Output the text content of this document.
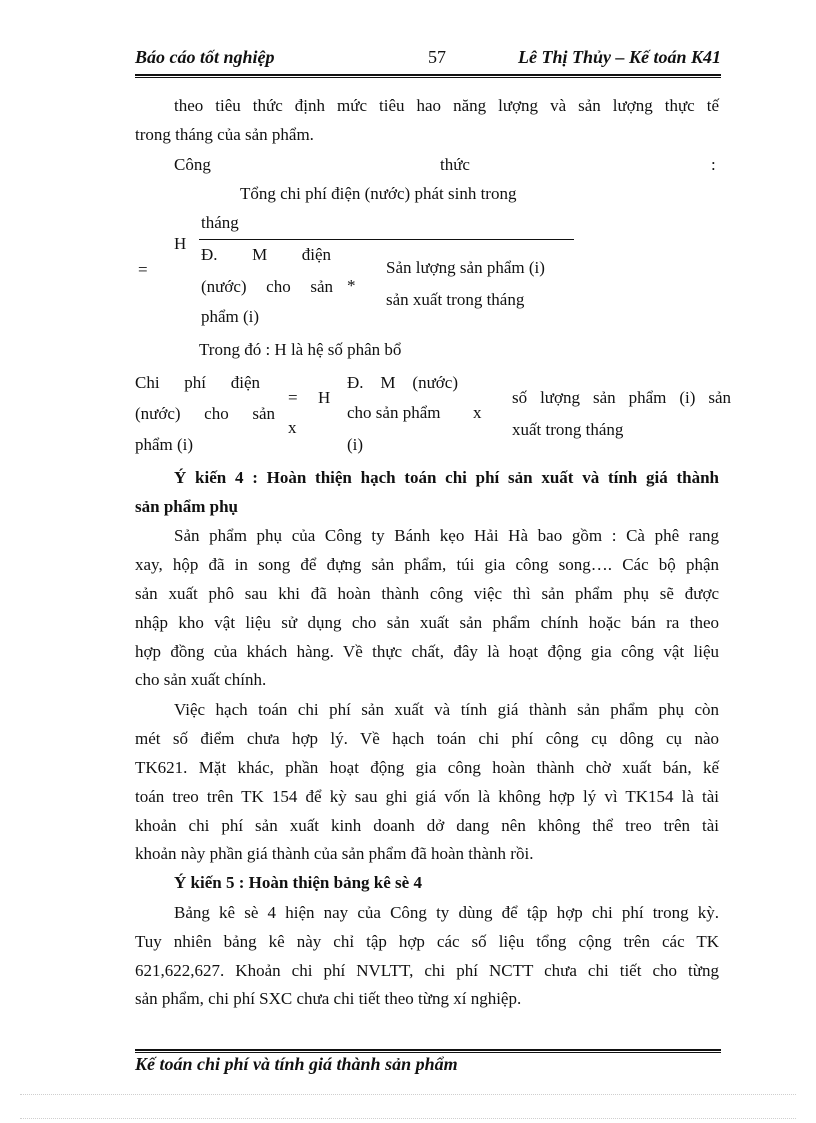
Báo cáo tốt nghiệp	57	Lê Thị Thủy – Kế toán K41
theo tiêu thức định mức tiêu hao năng lượng và sản lượng thực tế
trong tháng của sản phẩm.
Công	thức	:
Tổng chi phí điện (nước) phát sinh trong
tháng
H
=
Đ. M điện
(nước) cho sản
phẩm (i)
*
Sản lượng sản phẩm (i)
sản xuất trong tháng
Trong đó : H là hệ số phân bổ
Chi phí điện
(nước) cho sản
phẩm (i)
= H
x
Đ. M (nước)
cho sản phẩm
(i)
x
số lượng sản phẩm (i) sản
xuất trong tháng
Ý kiến 4 : Hoàn thiện hạch toán chi phí sản xuất và tính giá thành
sản phẩm phụ
Sản phẩm phụ của Công ty Bánh kẹo Hải Hà bao gồm : Cà phê rang
xay, hộp đã in song để đựng sản phẩm, túi gia công song…. Các bộ phận
sản xuất phô sau khi đã hoàn thành công việc thì sản phẩm phụ sẽ được
nhập kho vật liệu sử dụng cho sản xuất sản phẩm chính hoặc bán ra theo
hợp đồng của khách hàng. Về thực chất, đây là hoạt động gia công vật liệu
cho sản xuất chính.
Việc hạch toán chi phí sản xuất và tính giá thành sản phẩm phụ còn
mét số điểm chưa hợp lý. Về hạch toán chi phí công cụ dông cụ nào
TK621. Mặt khác, phần hoạt động gia công hoàn thành chờ xuất bán, kế
toán treo trên TK 154 để kỳ sau ghi giá vốn là không hợp lý vì TK154 là tài
khoản chi phí sản xuất kinh doanh dở dang nên không thể treo trên tài
khoản này phần giá thành của sản phẩm đã hoàn thành rồi.
Ý kiến 5 : Hoàn thiện bảng kê sè 4
Bảng kê sè 4 hiện nay của Công ty dùng để tập hợp chi phí trong kỳ.
Tuy nhiên bảng kê này chỉ tập hợp các số liệu tổng cộng trên các TK
621,622,627. Khoản chi phí NVLTT, chi phí NCTT chưa chi tiết cho từng
sản phẩm, chi phí SXC chưa chi tiết theo từng xí nghiệp.
Kế toán chi phí và tính giá thành sản phẩm
